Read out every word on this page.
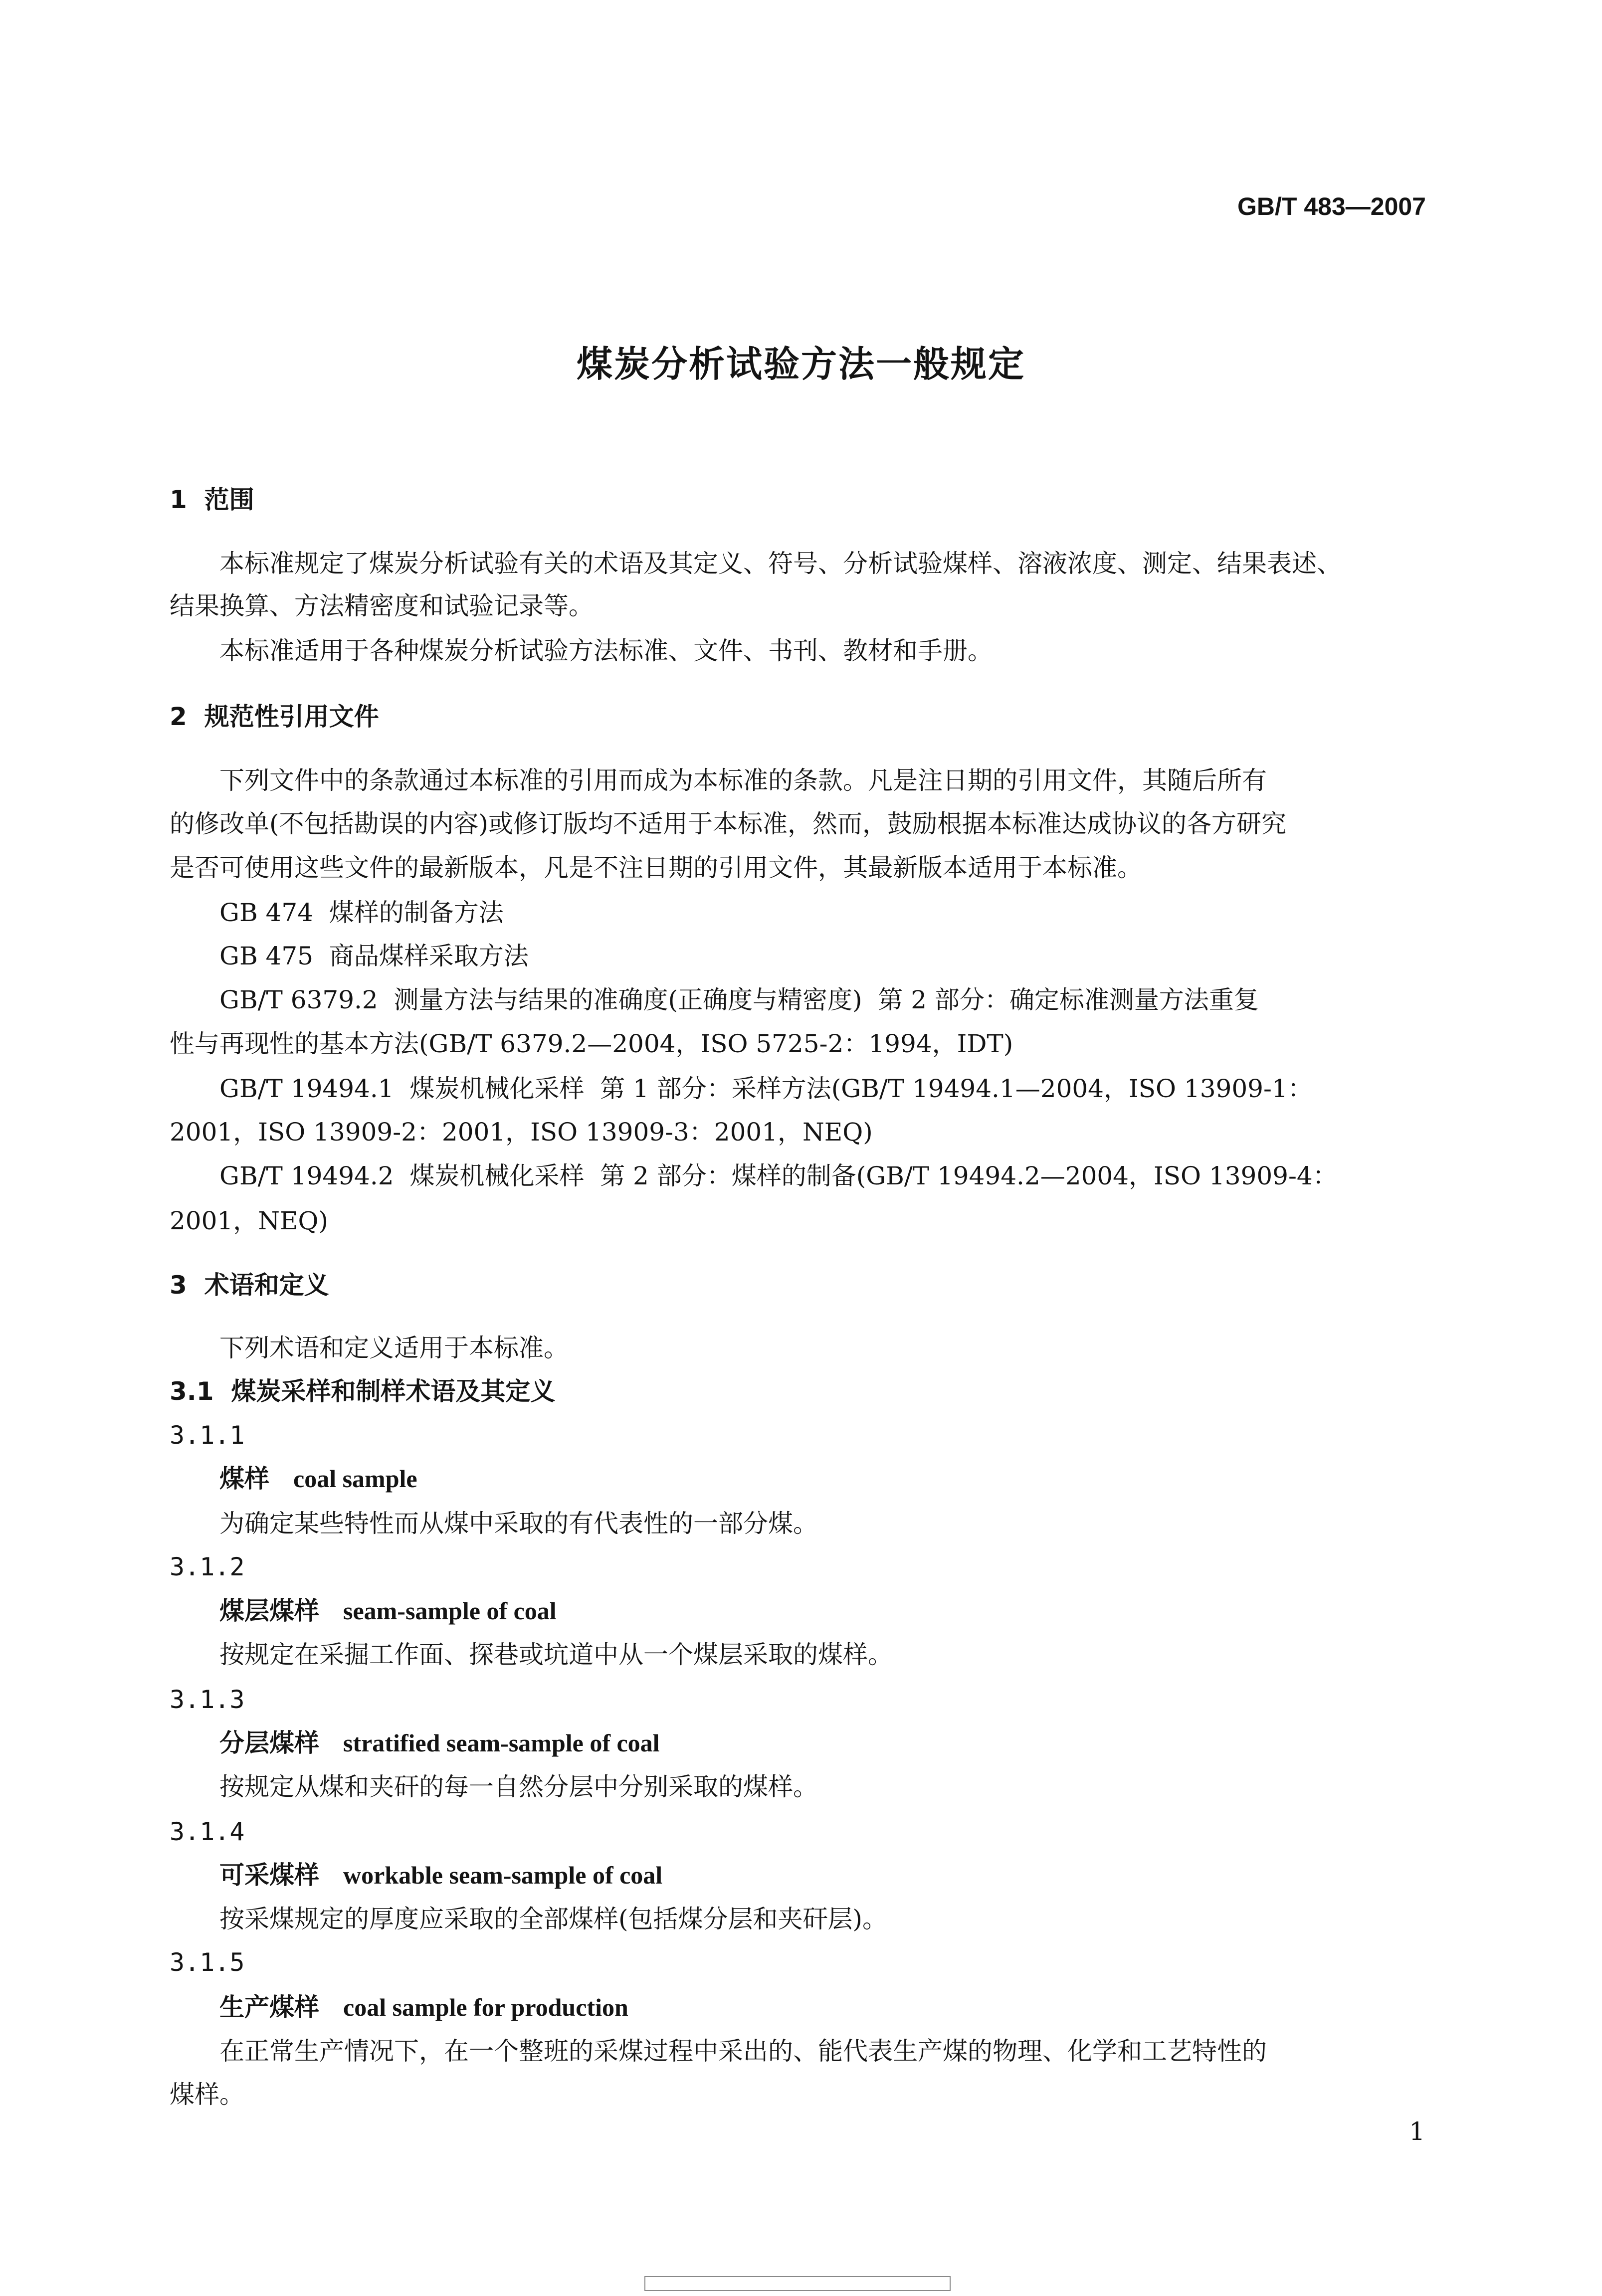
GB/T 483—2007
煤炭分析试验方法一般规定
1  范围
本标准规定了煤炭分析试验有关的术语及其定义、符号、分析试验煤样、溶液浓度、测定、结果表述、
结果换算、方法精密度和试验记录等。
本标准适用于各种煤炭分析试验方法标准、文件、书刊、教材和手册。
2  规范性引用文件
下列文件中的条款通过本标准的引用而成为本标准的条款。凡是注日期的引用文件，其随后所有
的修改单(不包括勘误的内容)或修订版均不适用于本标准，然而，鼓励根据本标准达成协议的各方研究
是否可使用这些文件的最新版本，凡是不注日期的引用文件，其最新版本适用于本标准。
GB 474  煤样的制备方法
GB 475  商品煤样采取方法
GB/T 6379.2  测量方法与结果的准确度(正确度与精密度)  第 2 部分：确定标准测量方法重复
性与再现性的基本方法(GB/T 6379.2—2004，ISO 5725-2：1994，IDT)
GB/T 19494.1  煤炭机械化采样  第 1 部分：采样方法(GB/T 19494.1—2004，ISO 13909-1：
2001，ISO 13909-2：2001，ISO 13909-3：2001，NEQ)
GB/T 19494.2  煤炭机械化采样  第 2 部分：煤样的制备(GB/T 19494.2—2004，ISO 13909-4：
2001，NEQ)
3  术语和定义
下列术语和定义适用于本标准。
3.1  煤炭采样和制样术语及其定义
3.1.1
煤样 coal sample
为确定某些特性而从煤中采取的有代表性的一部分煤。
3.1.2
煤层煤样 seam-sample of coal
按规定在采掘工作面、探巷或坑道中从一个煤层采取的煤样。
3.1.3
分层煤样 stratified seam-sample of coal
按规定从煤和夹矸的每一自然分层中分别采取的煤样。
3.1.4
可采煤样 workable seam-sample of coal
按采煤规定的厚度应采取的全部煤样(包括煤分层和夹矸层)。
3.1.5
生产煤样 coal sample for production
在正常生产情况下，在一个整班的采煤过程中采出的、能代表生产煤的物理、化学和工艺特性的
煤样。
1
